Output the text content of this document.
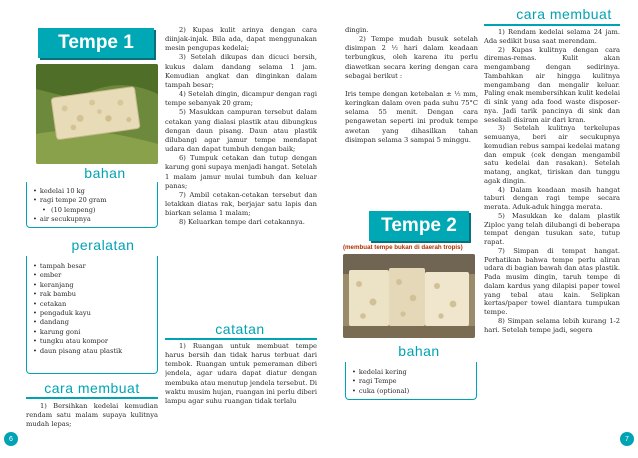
Tempe 1
bahan
• kedelai 10 kg
• ragi tempe 20 gram
• (10 lempeng)
• air secukupnya
peralatan
• tampah besar
• ember
• keranjang
• rak bambu
• cetakan
• pengaduk kayu
• dandang
• karung goni
• tungku atau kompor
• daun pisang atau plastik
cara membuat

1) Bersihkan kedelai kemudian rendam satu malam supaya kulitnya mudah lepas;

6

2) Kupas kulit arinya dengan cara diinjak-injak. Bila ada, dapat menggunakan mesin pengupas kedelai;

3) Setelah dikupas dan dicuci bersih, kukus dalam dandang selama 1 jam. Kemudian angkat dan dinginkan dalam tampah besar;

4) Setelah dingin, dicampur dengan ragi tempe sebanyak 20 gram;

5) Masukkan campuran tersebut dalam cetakan yang dialasi plastik atau dibungkus dengan daun pisang. Daun atau plastik dilubangi agar jamur tempe mendapat udara dan dapat tumbuh dengan baik;

6) Tumpuk cetakan dan tutup dengan karung goni supaya menjadi hangat. Setelah 1 malam jamur mulai tumbuh dan keluar panas;

7) Ambil cetakan-cetakan tersebut dan letakkan diatas rak, berjajar satu lapis dan biarkan selama 1 malam;

8) Keluarkan tempe dari cetakannya.

catatan

1) Ruangan untuk membuat tempe harus bersih dan tidak harus terbuat dari tembok. Ruangan untuk pemeraman diberi jendela, agar udara dapat diatur dengan membuka atau menutup jendela tersebut. Di waktu musim hujan, ruangan ini perlu diberi lampu agar suhu ruangan tidak terlalu

dingin.

2) Tempe mudah busuk setelah disimpan 2 ½ hari dalam keadaan terbungkus, oleh karena itu perlu diawetkan secara kering dengan cara sebagai berikut :

Iris tempe dengan ketebalan ± ½ mm, keringkan dalam oven pada suhu 75°C selama 55 menit. Dengan cara pengawetan seperti ini produk tempe awetan yang dihasilkan tahan disimpan selama 3 sampai 5 minggu.

Tempe 2
(membuat tempe bukan di daerah tropis)
bahan
• kedelai kering
• ragi Tempe
• cuka (optional)
cara membuat

1) Rendam kedelai selama 24 jam. Ada sedikit busa saat merendam.

2) Kupas kulitnya dengan cara diremas-remas. Kulit akan mengambang dengan sedirinya. Tambahkan air hingga kulitnya mengambang dan mengalir keluar. Paling enak membersihkan kulit kedelai di sink yang ada food waste disposer-nya. Jadi tarik pancinya di sink dan sesekali disiram air dari kran.

3) Setelah kulitnya terkelupas semuanya, beri air secukupnya kemudian rebus sampai kedelai matang dan empuk (cek dengan mengambil satu kedelai dan rasakan). Setelah matang, angkat, tiriskan dan tunggu agak dingin.

4) Dalam keadaan masih hangat taburi dengan ragi tempe secara merata. Aduk-aduk hingga merata.

5) Masukkan ke dalam plastik Ziploc yang telah dilubangi di beberapa tempat dengan tusukan sate, tutup rapat.

7) Simpan di tempat hangat. Perhatikan bahwa tempe perlu aliran udara di bagian bawah dan atas plastik. Pada musim dingin, taruh tempe di dalam kardus yang dilapisi paper towel yang tebal atau kain. Selipkan kertas/paper towel diantara tumpukan tempe.

8) Simpan selama lebih kurang 1-2 hari. Setelah tempe jadi, segera

7
